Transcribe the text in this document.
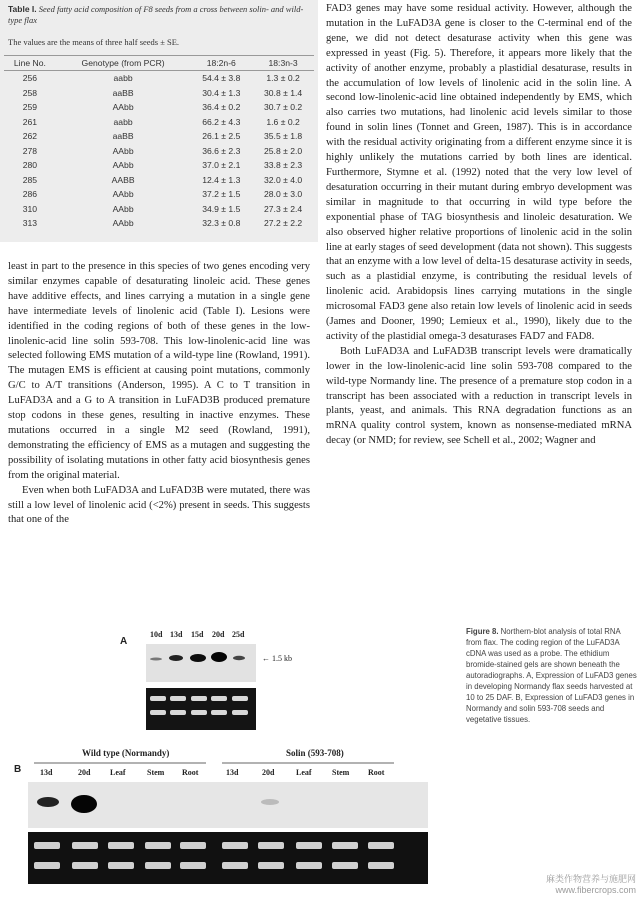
Table I. Seed fatty acid composition of F8 seeds from a cross between solin- and wild-type flax
The values are the means of three half seeds ± SE.
Line No.	Genotype (from PCR)	18:2n-6	18:3n-3
256	aabb	54.4 ± 3.8	1.3 ± 0.2
258	aaBB	30.4 ± 1.3	30.8 ± 1.4
259	AAbb	36.4 ± 0.2	30.7 ± 0.2
261	aabb	66.2 ± 4.3	1.6 ± 0.2
262	aaBB	26.1 ± 2.5	35.5 ± 1.8
278	AAbb	36.6 ± 2.3	25.8 ± 2.0
280	AAbb	37.0 ± 2.1	33.8 ± 2.3
285	AABB	12.4 ± 1.3	32.0 ± 4.0
286	AAbb	37.2 ± 1.5	28.0 ± 3.0
310	AAbb	34.9 ± 1.5	27.3 ± 2.4
313	AAbb	32.3 ± 0.8	27.2 ± 2.2

least in part to the presence in this species of two genes encoding very similar enzymes capable of desaturating linoleic acid. These genes have additive effects, and lines carrying a mutation in a single gene have intermediate levels of linolenic acid (Table I). Lesions were identified in the coding regions of both of these genes in the low-linolenic-acid line solin 593-708. This low-linolenic-acid line was selected following EMS mutation of a wild-type line (Rowland, 1991). The mutagen EMS is efficient at causing point mutations, commonly G/C to A/T transitions (Anderson, 1995). A C to T transition in LuFAD3A and a G to A transition in LuFAD3B produced premature stop codons in these genes, resulting in inactive enzymes. These mutations occurred in a single M2 seed (Rowland, 1991), demonstrating the efficiency of EMS as a mutagen and suggesting the possibility of isolating mutations in other fatty acid biosynthesis genes from the original material.

Even when both LuFAD3A and LuFAD3B were mutated, there was still a low level of linolenic acid (<2%) present in seeds. This suggests that one of the

FAD3 genes may have some residual activity. However, although the mutation in the LuFAD3A gene is closer to the C-terminal end of the gene, we did not detect desaturase activity when this gene was expressed in yeast (Fig. 5). Therefore, it appears more likely that the activity of another enzyme, probably a plastidial desaturase, results in the accumulation of low levels of linolenic acid in the solin line. A second low-linolenic-acid line obtained independently by EMS, which also carries two mutations, had linolenic acid levels similar to those found in solin lines (Tonnet and Green, 1987). This is in accordance with the residual activity originating from a different enzyme since it is highly unlikely the mutations carried by both lines are identical. Furthermore, Stymne et al. (1992) noted that the very low level of desaturation occurring in their mutant during embryo development was similar in magnitude to that occurring in wild type before the exponential phase of TAG biosynthesis and linoleic desaturation. We also observed higher relative proportions of linolenic acid in the solin line at early stages of seed development (data not shown). This suggests that an enzyme with a low level of delta-15 desaturase activity in seeds, such as a plastidial enzyme, is contributing the residual levels of linolenic acid. Arabidopsis lines carrying mutations in the single microsomal FAD3 gene also retain low levels of linolenic acid in seeds (James and Dooner, 1990; Lemieux et al., 1990), likely due to the activity of the plastidial omega-3 desaturases FAD7 and FAD8.

Both LuFAD3A and LuFAD3B transcript levels were dramatically lower in the low-linolenic-acid line solin 593-708 compared to the wild-type Normandy line. The presence of a premature stop codon in a transcript has been associated with a reduction in transcript levels in plants, yeast, and animals. This RNA degradation functions as an mRNA quality control system, known as nonsense-mediated mRNA decay (or NMD; for review, see Schell et al., 2002; Wagner and

A
10d 13d 15d 20d 25d
← 1.5 kb
Figure 8. Northern-blot analysis of total RNA from flax. The coding region of the LuFAD3A cDNA was used as a probe. The ethidium bromide-stained gels are shown beneath the autoradiographs. A, Expression of LuFAD3 genes in developing Normandy flax seeds harvested at 10 to 25 DAF. B, Expression of LuFAD3 genes in Normandy and solin 593-708 seeds and vegetative tissues.
B
Wild type (Normandy)	Solin (593-708)
13d	20d Leaf	Stem Root	13d	20d	Leaf	Stem Root
麻类作物营养与施肥网
www.fibercrops.com
